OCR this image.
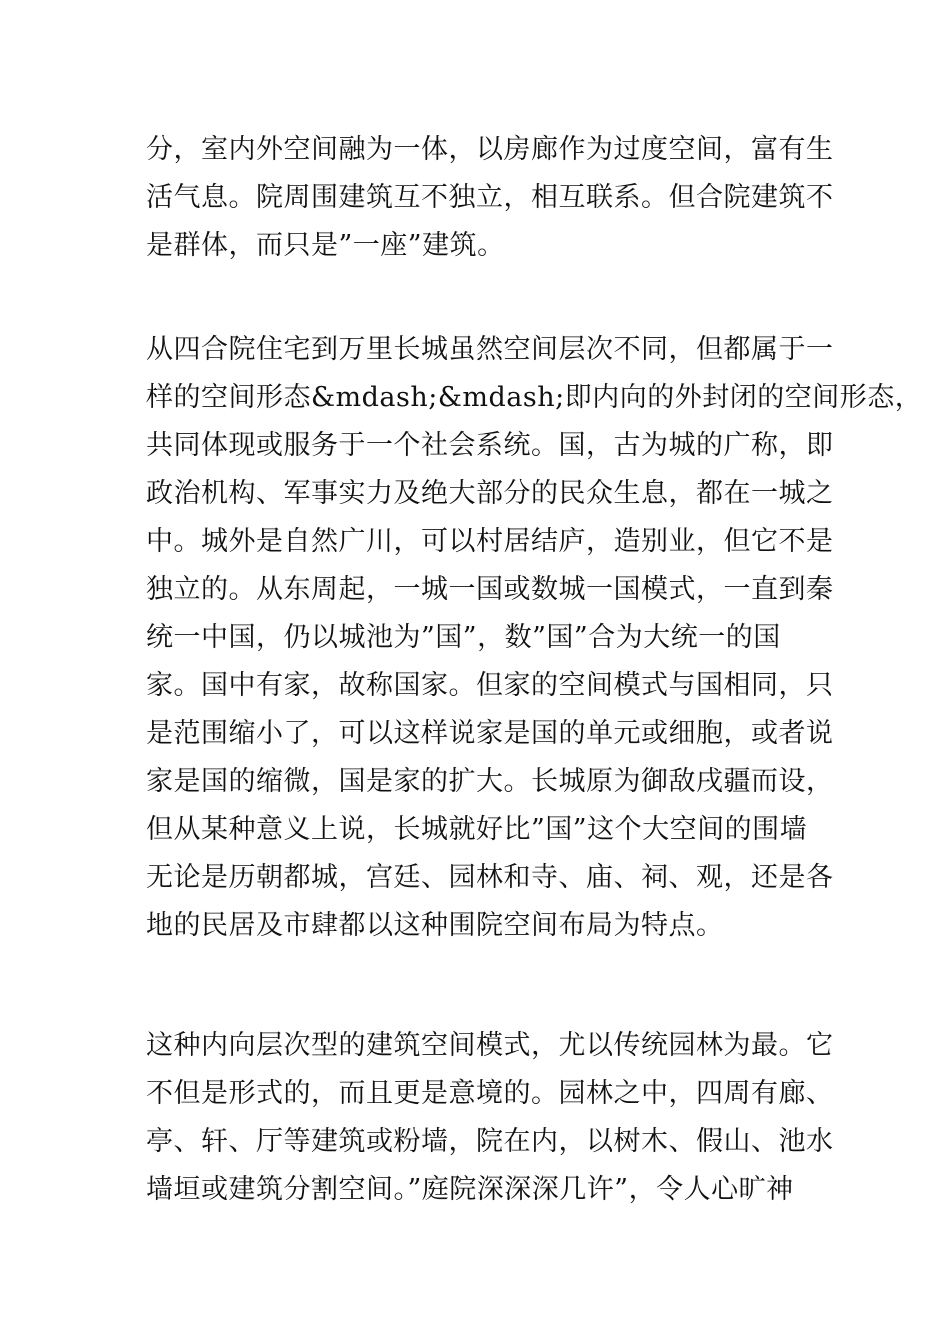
分，室内外空间融为一体，以房廊作为过度空间，富有生
活气息。院周围建筑互不独立，相互联系。但合院建筑不
是群体，而只是”一座”建筑。
从四合院住宅到万里长城虽然空间层次不同，但都属于一
样的空间形态&mdash;&mdash;即内向的外封闭的空间形态，
共同体现或服务于一个社会系统。国，古为城的广称，即
政治机构、军事实力及绝大部分的民众生息，都在一城之
中。城外是自然广川，可以村居结庐，造别业，但它不是
独立的。从东周起，一城一国或数城一国模式，一直到秦
统一中国，仍以城池为”国”，数”国”合为大统一的国
家。国中有家，故称国家。但家的空间模式与国相同，只
是范围缩小了，可以这样说家是国的单元或细胞，或者说
家是国的缩微，国是家的扩大。长城原为御敌戌疆而设，
但从某种意义上说，长城就好比”国”这个大空间的围墙
无论是历朝都城，宫廷、园林和寺、庙、祠、观，还是各
地的民居及市肆都以这种围院空间布局为特点。
这种内向层次型的建筑空间模式，尤以传统园林为最。它
不但是形式的，而且更是意境的。园林之中，四周有廊、
亭、轩、厅等建筑或粉墙，院在内，以树木、假山、池水
墙垣或建筑分割空间。”庭院深深深几许”，令人心旷神
